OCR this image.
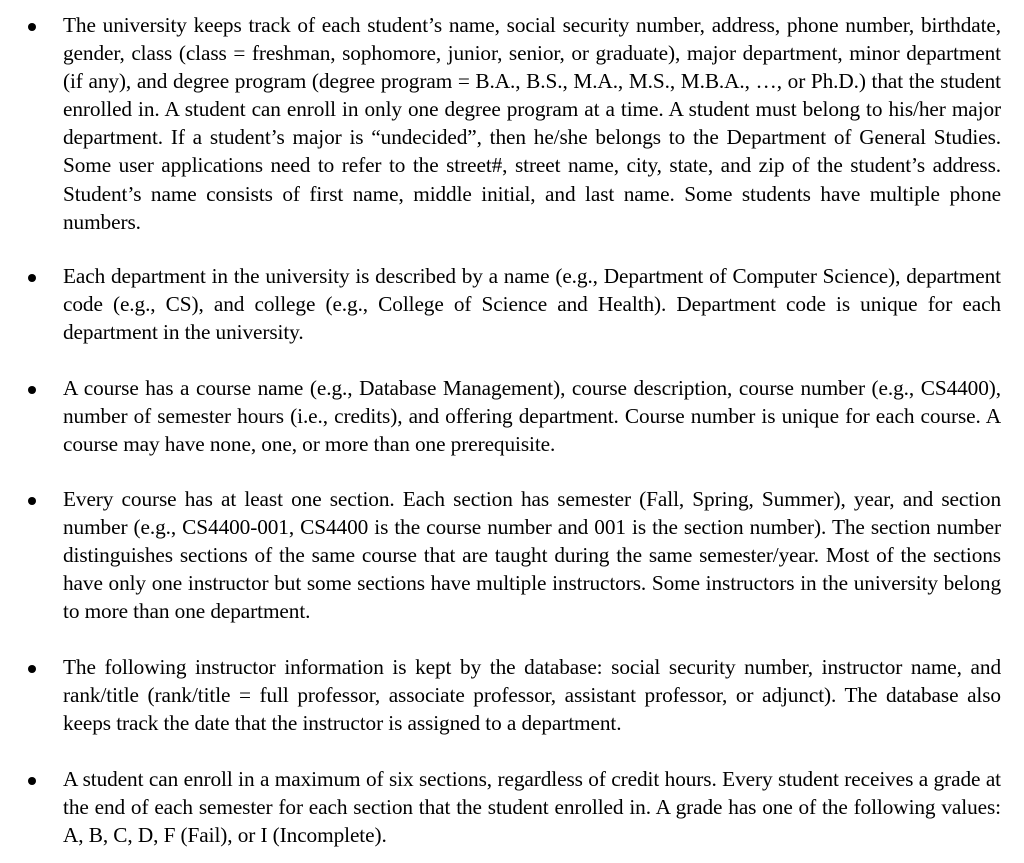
The university keeps track of each student’s name, social security number, address, phone number, birthdate, gender, class (class = freshman, sophomore, junior, senior, or graduate), major department, minor department (if any), and degree program (degree program = B.A., B.S., M.A., M.S., M.B.A., …, or Ph.D.) that the student enrolled in. A student can enroll in only one degree program at a time. A student must belong to his/her major department. If a student’s major is “undecided”, then he/she belongs to the Department of General Studies. Some user applications need to refer to the street#, street name, city, state, and zip of the student’s address. Student’s name consists of first name, middle initial, and last name. Some students have multiple phone numbers.

Each department in the university is described by a name (e.g., Department of Computer Science), department code (e.g., CS), and college (e.g., College of Science and Health). Department code is unique for each department in the university.

A course has a course name (e.g., Database Management), course description, course number (e.g., CS4400), number of semester hours (i.e., credits), and offering department. Course number is unique for each course. A course may have none, one, or more than one prerequisite.

Every course has at least one section. Each section has semester (Fall, Spring, Summer), year, and section number (e.g., CS4400-001, CS4400 is the course number and 001 is the section number). The section number distinguishes sections of the same course that are taught during the same semester/year. Most of the sections have only one instructor but some sections have multiple instructors. Some instructors in the university belong to more than one department.

The following instructor information is kept by the database: social security number, instructor name, and rank/title (rank/title = full professor, associate professor, assistant professor, or adjunct). The database also keeps track the date that the instructor is assigned to a department.

A student can enroll in a maximum of six sections, regardless of credit hours. Every student receives a grade at the end of each semester for each section that the student enrolled in. A grade has one of the following values: A, B, C, D, F (Fail), or I (Incomplete).
